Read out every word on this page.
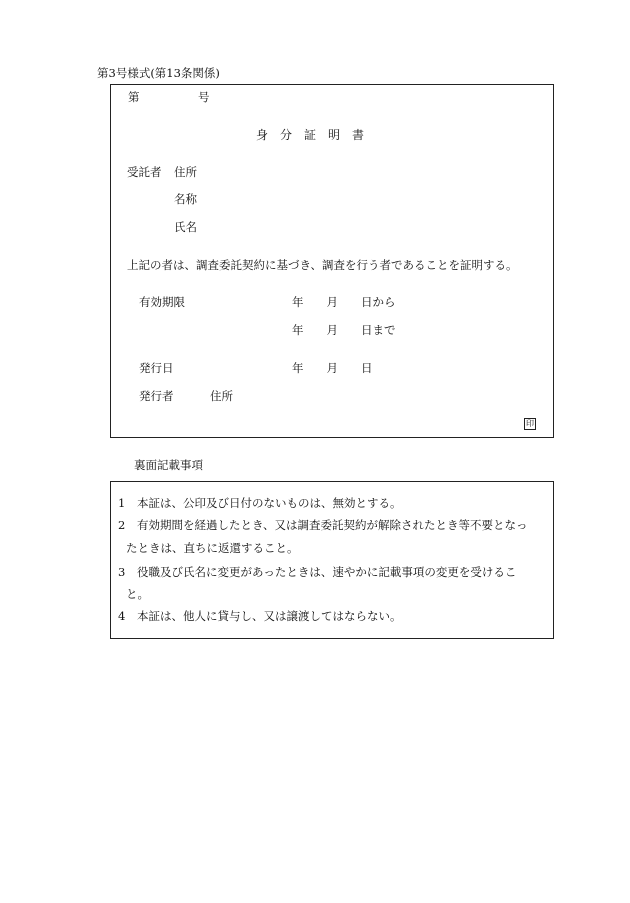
第3号様式(第13条関係)
第	号
身　分　証　明　書
受託者 住所
名称
氏名
上記の者は、調査委託契約に基づき、調査を行う者であることを証明する。
有効期限	年　　月　　日から
年　　月　　日まで
発行日	年　　月　　日
発行者	住所
印
裏面記載事項
1 本証は、公印及び日付のないものは、無効とする。
2 有効期間を経過したとき、又は調査委託契約が解除されたとき等不要となっ
たときは、直ちに返還すること。
3 役職及び氏名に変更があったときは、速やかに記載事項の変更を受けるこ
と。
4 本証は、他人に貸与し、又は譲渡してはならない。
